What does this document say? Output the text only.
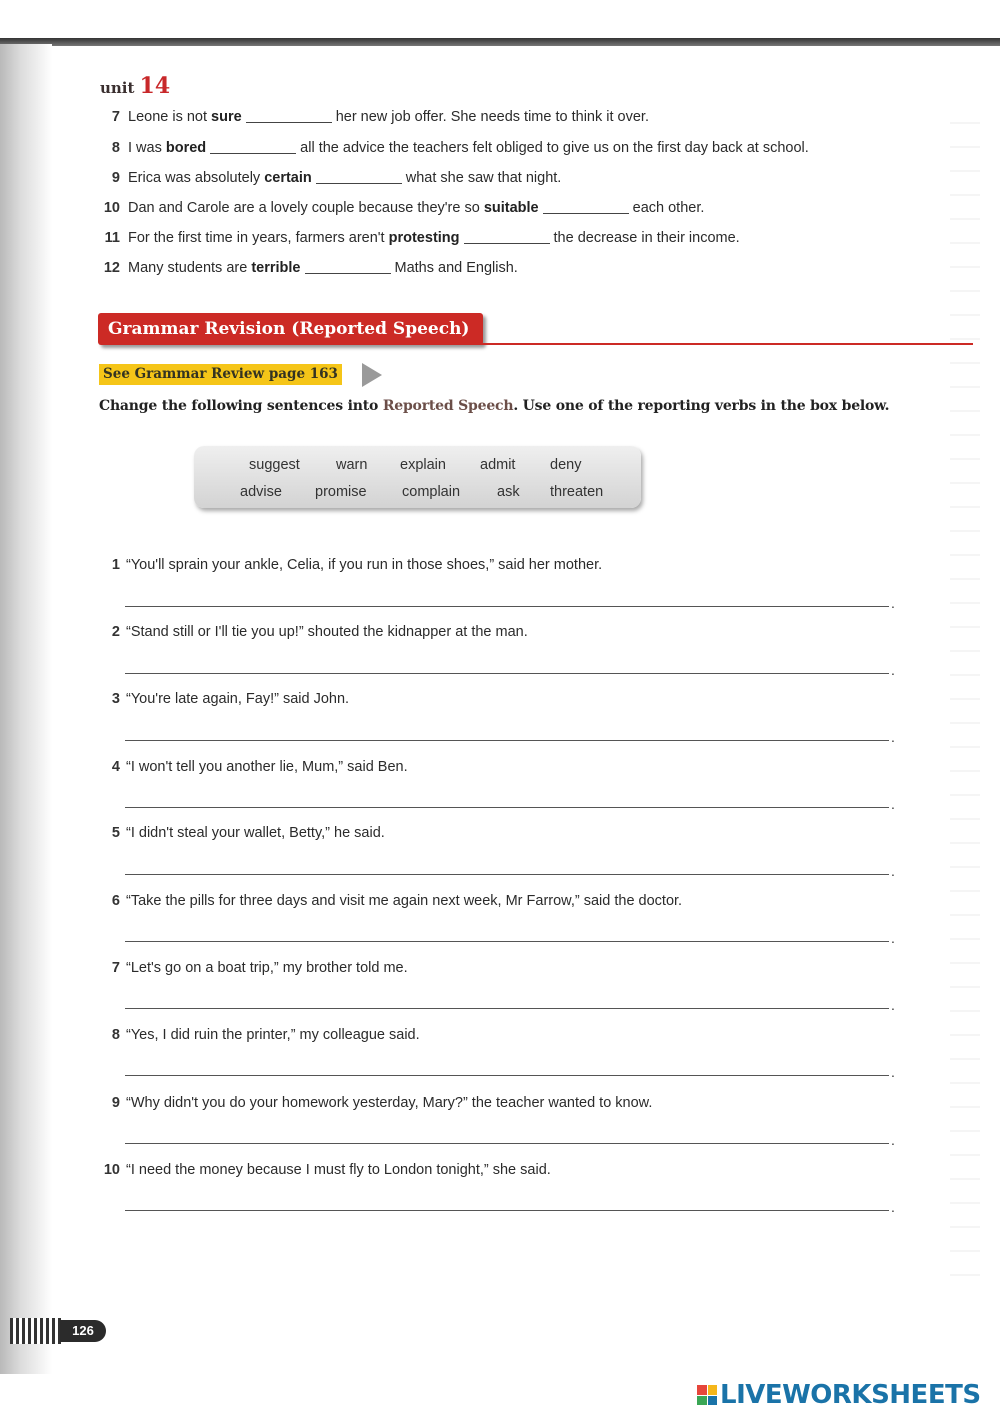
unit 14
7 Leone is not sure	her new job offer. She needs time to think it over.
8 I was bored	all the advice the teachers felt obliged to give us on the first day back at school.
9 Erica was absolutely certain	what she saw that night.
10 Dan and Carole are a lovely couple because they're so suitable	each other.
11 For the first time in years, farmers aren't protesting	the decrease in their income.
12 Many students are terrible	Maths and English.
Grammar Revision (Reported Speech)
See Grammar Review page 163
Change the following sentences into Reported Speech. Use one of the reporting verbs in the box below.
suggest warn explain admit deny
advise promise complain	ask threaten
1 “You'll sprain your ankle, Celia, if you run in those shoes,” said her mother.
.
2 “Stand still or I'll tie you up!” shouted the kidnapper at the man.
.
3 “You're late again, Fay!” said John.
.
4 “I won't tell you another lie, Mum,” said Ben.
.
5 “I didn't steal your wallet, Betty,” he said.
.
6 “Take the pills for three days and visit me again next week, Mr Farrow,” said the doctor.
.
7 “Let's go on a boat trip,” my brother told me.
.
8 “Yes, I did ruin the printer,” my colleague said.
.
9 “Why didn't you do your homework yesterday, Mary?” the teacher wanted to know.
.
10 “I need the money because I must fly to London tonight,” she said.
.
126
LIVEWORKSHEETS
